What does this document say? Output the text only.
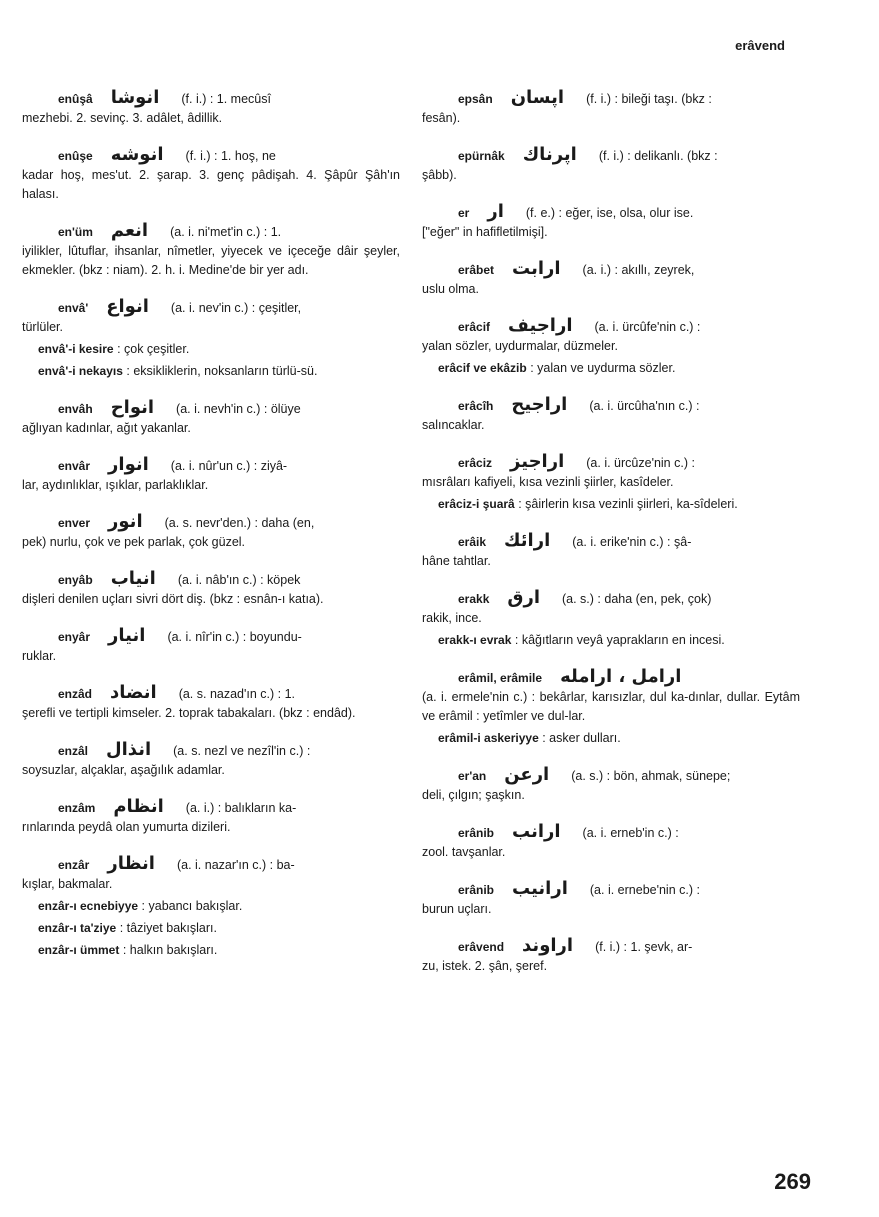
erâvend
enûşâ انوشا (f. i.) : 1. mecûsî
mezhebi. 2. sevinç. 3. adâlet, âdillik.
enûşe انوشه (f. i.) : 1. hoş, ne
kadar hoş, mes'ut. 2. şarap. 3. genç pâdişah. 4. Şâpûr Şâh'ın halası.
en'üm انعم (a. i. ni'met'in c.) : 1.
iyilikler, lûtuflar, ihsanlar, nîmetler, yiyecek ve içeceğe dâir şeyler, ekmekler. (bkz : niam). 2. h. i. Medine'de bir yer adı.
envâ' انواع (a. i. nev'in c.) : çeşitler,
türlüler.
envâ'-i kesire : çok çeşitler.
envâ'-i nekayıs : eksikliklerin, noksanların türlü-sü.
envâh انواح (a. i. nevh'in c.) : ölüye
ağlıyan kadınlar, ağıt yakanlar.
envâr انوار (a. i. nûr'un c.) : ziyâ-
lar, aydınlıklar, ışıklar, parlaklıklar.
enver انور (a. s. nevr'den.) : daha (en,
pek) nurlu, çok ve pek parlak, çok güzel.
enyâb انياب (a. i. nâb'ın c.) : köpek
dişleri denilen uçları sivri dört diş. (bkz : esnân-ı katıa).
enyâr انيار (a. i. nîr'in c.) : boyundu-
ruklar.
enzâd انضاد (a. s. nazad'ın c.) : 1.
şerefli ve tertipli kimseler. 2. toprak tabakaları. (bkz : endâd).
enzâl انذال (a. s. nezl ve nezîl'in c.) :
soysuzlar, alçaklar, aşağılık adamlar.
enzâm انظام (a. i.) : balıkların ka-
rınlarında peydâ olan yumurta dizileri.
enzâr انظار (a. i. nazar'ın c.) : ba-
kışlar, bakmalar.
enzâr-ı ecnebiyye : yabancı bakışlar.
enzâr-ı ta'ziye : tâziyet bakışları.
enzâr-ı ümmet : halkın bakışları.
epsân اپسان (f. i.) : bileği taşı. (bkz :
fesân).
epürnâk اپرناك (f. i.) : delikanlı. (bkz :
şâbb).
er ار (f. e.) : eğer, ise, olsa, olur ise.
["eğer" in hafifletilmişi].
erâbet ارابت (a. i.) : akıllı, zeyrek,
uslu olma.
erâcif اراجيف (a. i. ürcûfe'nin c.) :
yalan sözler, uydurmalar, düzmeler.
erâcif ve ekâzib : yalan ve uydurma sözler.
erâcîh اراجيح (a. i. ürcûha'nın c.) :
salıncaklar.
erâciz اراجيز (a. i. ürcûze'nin c.) :
mısrâları kafiyeli, kısa vezinli şiirler, kasîdeler.
erâciz-i şuarâ : şâirlerin kısa vezinli şiirleri, ka-sîdeleri.
erâik ارائك (a. i. erike'nin c.) : şâ-
hâne tahtlar.
erakk ارق (a. s.) : daha (en, pek, çok)
rakik, ince.
erakk-ı evrak : kâğıtların veyâ yaprakların en incesi.
erâmil, erâmile ارامل ، ارامله
(a. i. ermele'nin c.) : bekârlar, karısızlar, dul ka-dınlar, dullar. Eytâm ve erâmil : yetîmler ve dul-lar.
erâmil-i askeriyye : asker dulları.
er'an ارعن (a. s.) : bön, ahmak, sünepe;
deli, çılgın; şaşkın.
erânib ارانب (a. i. erneb'in c.) :
zool. tavşanlar.
erânib ارانيب (a. i. ernebe'nin c.) :
burun uçları.
erâvend اراوند (f. i.) : 1. şevk, ar-
zu, istek. 2. şân, şeref.
269
